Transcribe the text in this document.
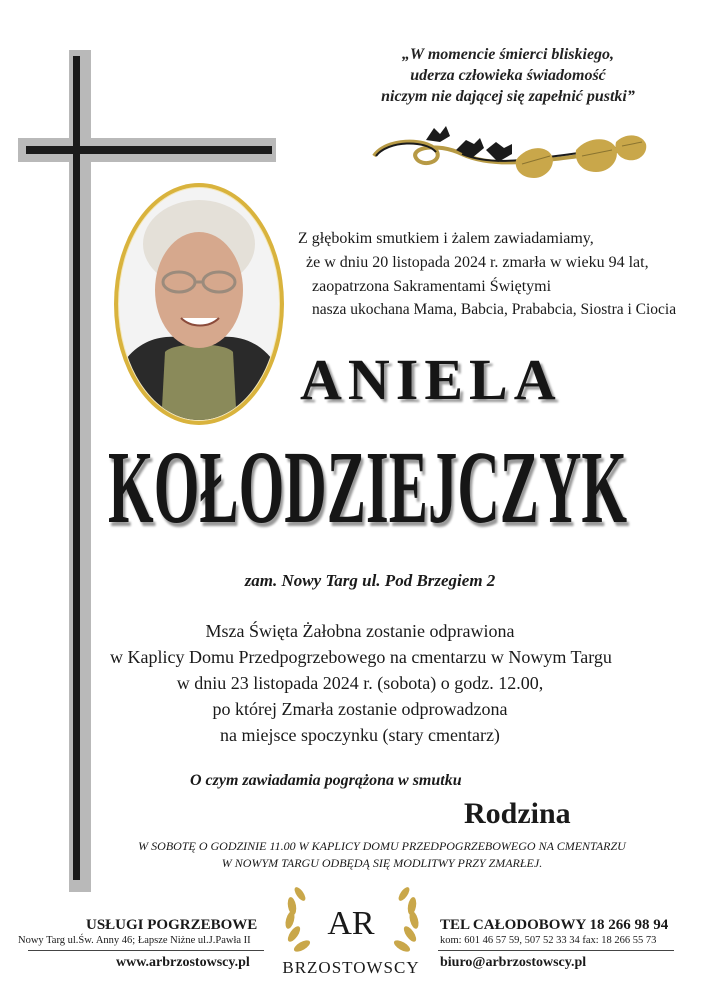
„W momencie śmierci bliskiego,
uderza człowieka świadomość
niczym nie dającej się zapełnić pustki”
Z głębokim smutkiem i żalem zawiadamiamy,
że w dniu 20 listopada 2024 r. zmarła w wieku 94 lat,
zaopatrzona Sakramentami Świętymi
nasza ukochana Mama, Babcia, Prababcia, Siostra i Ciocia
ANIELA
KOŁODZIEJCZYK
zam. Nowy Targ ul. Pod Brzegiem 2
Msza Święta Żałobna zostanie odprawiona
w Kaplicy Domu Przedpogrzebowego na cmentarzu w Nowym Targu
w dniu 23 listopada 2024 r. (sobota) o godz. 12.00,
po której Zmarła zostanie odprowadzona
na miejsce spoczynku (stary cmentarz)
O czym zawiadamia pogrążona w smutku
Rodzina
W SOBOTĘ O GODZINIE 11.00 W KAPLICY DOMU PRZEDPOGRZEBOWEGO NA CMENTARZU
W NOWYM TARGU ODBĘDĄ SIĘ MODLITWY PRZY ZMARŁEJ.
USŁUGI POGRZEBOWE
Nowy Targ ul.Św. Anny 46; Łapsze Niżne ul.J.Pawła II
www.arbrzostowscy.pl
AR
BRZOSTOWSCY
TEL CAŁODOBOWY 18 266 98 94
kom: 601 46 57 59, 507 52 33 34 fax: 18 266 55 73
biuro@arbrzostowscy.pl
